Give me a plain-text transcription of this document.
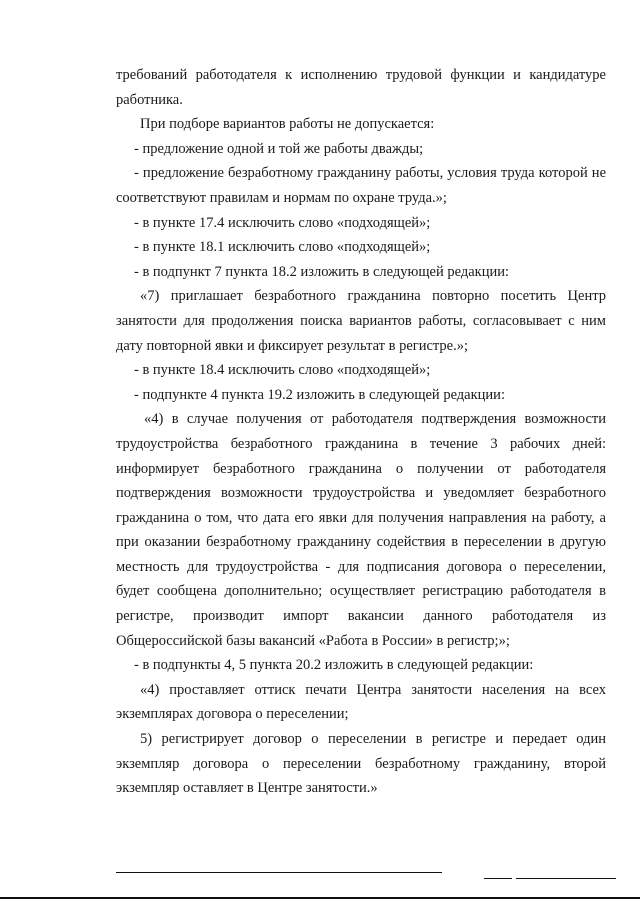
требований работодателя к исполнению трудовой функции и кандидатуре работника.

При подборе вариантов работы не допускается:

- предложение одной и той же работы дважды;

- предложение безработному гражданину работы, условия труда которой не соответствуют правилам и нормам по охране труда.»;

- в пункте 17.4 исключить слово «подходящей»;

- в пункте 18.1 исключить слово «подходящей»;

- в подпункт 7 пункта 18.2 изложить в следующей редакции:

«7) приглашает безработного гражданина повторно посетить Центр занятости для продолжения поиска вариантов работы, согласовывает с ним дату повторной явки и фиксирует результат в регистре.»;

- в пункте 18.4 исключить слово «подходящей»;

- подпункте 4 пункта 19.2 изложить в следующей редакции:

«4) в случае получения от работодателя подтверждения возможности трудоустройства безработного гражданина в течение 3 рабочих дней: информирует безработного гражданина о получении от работодателя подтверждения возможности трудоустройства и уведомляет безработного гражданина о том, что дата его явки для получения направления на работу, а при оказании безработному гражданину содействия в переселении в другую местность для трудоустройства - для подписания договора о переселении, будет сообщена дополнительно; осуществляет регистрацию работодателя в регистре, производит импорт вакансии данного работодателя из Общероссийской базы вакансий «Работа в России» в регистр;»;

- в подпункты 4, 5 пункта 20.2 изложить в следующей редакции:

«4) проставляет оттиск печати Центра занятости населения на всех экземплярах договора о переселении;

5) регистрирует договор о переселении в регистре и передает один экземпляр договора о переселении безработному гражданину, второй экземпляр оставляет в Центре занятости.»
